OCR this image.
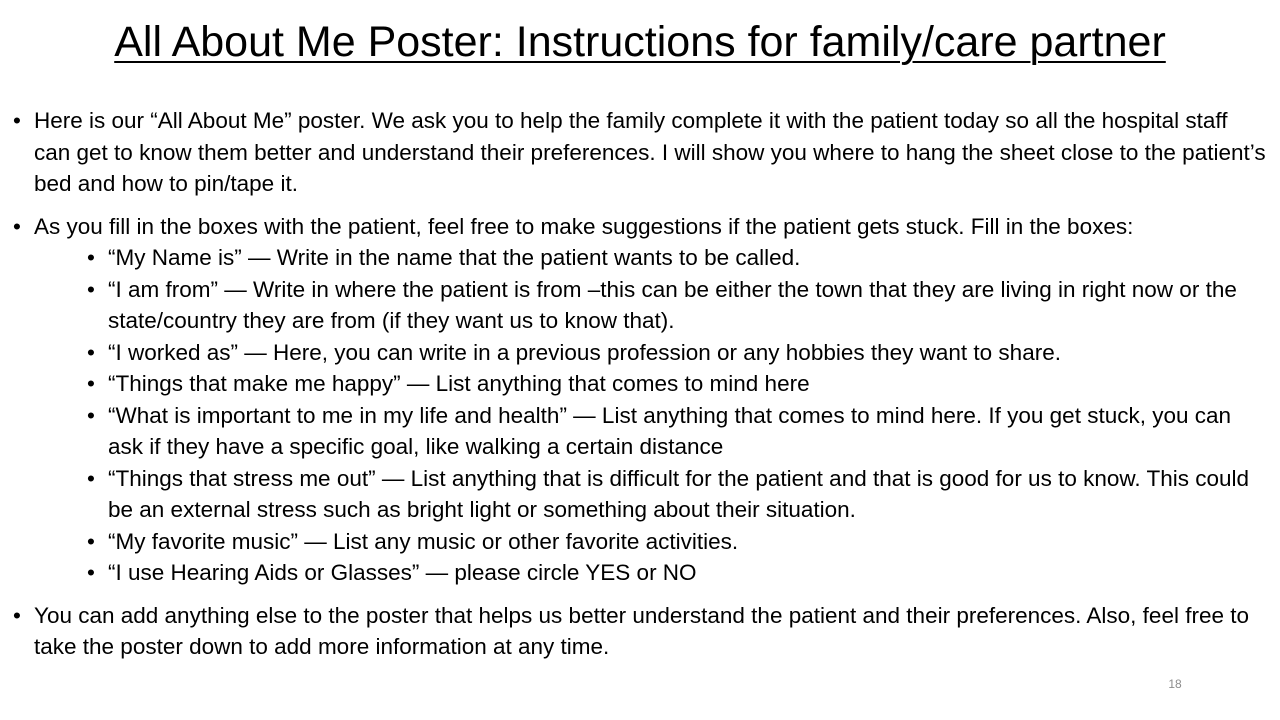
All About Me Poster: Instructions for family/care partner
• Here is our “All About Me” poster. We ask you to help the family complete it with the patient today so all the hospital staff can get to know them better and understand their preferences. I will show you where to hang the sheet close to the patient’s bed and how to pin/tape it.
• As you fill in the boxes with the patient, feel free to make suggestions if the patient gets stuck. Fill in the boxes:
• “My Name is” — Write in the name that the patient wants to be called.
• “I am from” — Write in where the patient is from –this can be either the town that they are living in right now or the state/country they are from (if they want us to know that).
• “I worked as” — Here, you can write in a previous profession or any hobbies they want to share.
• “Things that make me happy” — List anything that comes to mind here
• “What is important to me in my life and health” — List anything that comes to mind here. If you get stuck, you can ask if they have a specific goal, like walking a certain distance
• “Things that stress me out” — List anything that is difficult for the patient and that is good for us to know. This could be an external stress such as bright light or something about their situation.
• “My favorite music” — List any music or other favorite activities.
• “I use Hearing Aids or Glasses” — please circle YES or NO
• You can add anything else to the poster that helps us better understand the patient and their preferences. Also, feel free to take the poster down to add more information at any time.
18
